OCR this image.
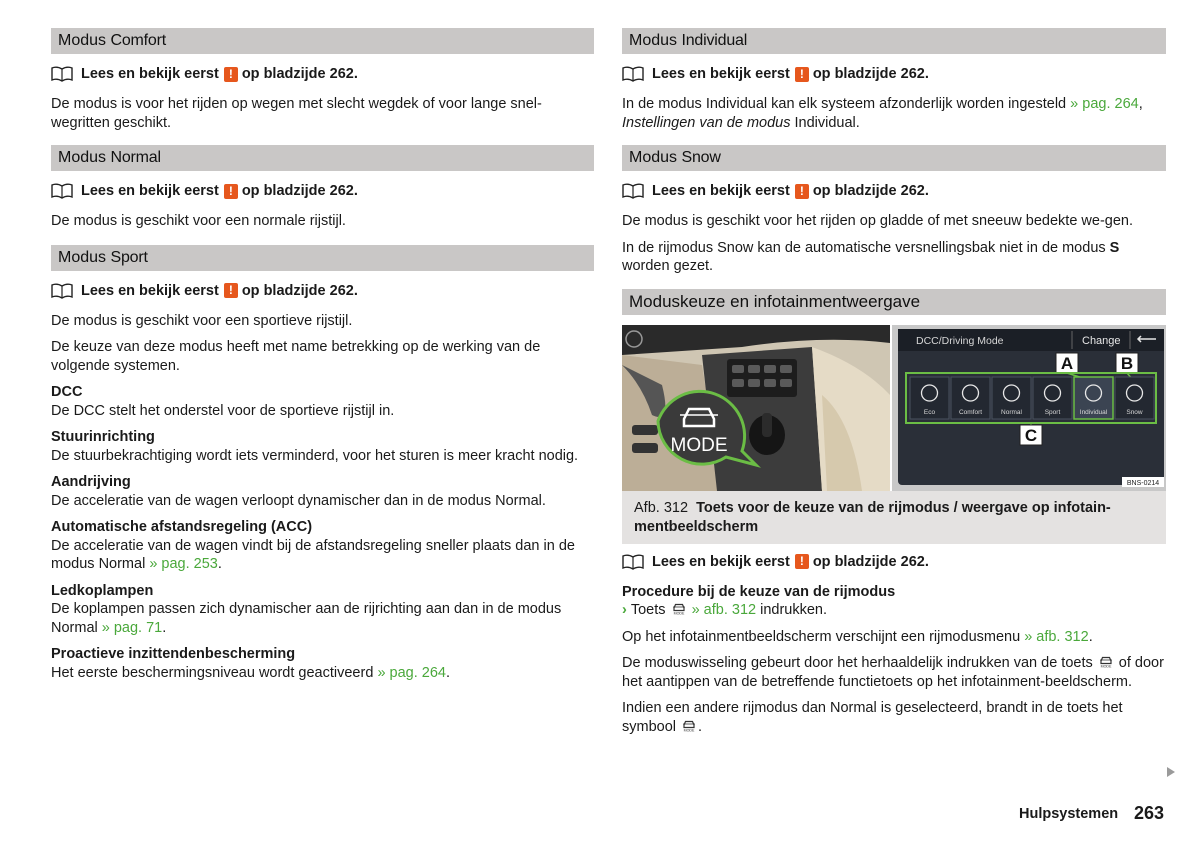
Modus Comfort
Lees en bekijk eerst ! op bladzijde 262.

De modus is voor het rijden op wegen met slecht wegdek of voor lange snel-wegritten geschikt.

Modus Normal
Lees en bekijk eerst ! op bladzijde 262.

De modus is geschikt voor een normale rijstijl.

Modus Sport
Lees en bekijk eerst ! op bladzijde 262.

De modus is geschikt voor een sportieve rijstijl.

De keuze van deze modus heeft met name betrekking op de werking van de volgende systemen.

DCC

De DCC stelt het onderstel voor de sportieve rijstijl in.

Stuurinrichting

De stuurbekrachtiging wordt iets verminderd, voor het sturen is meer kracht nodig.

Aandrijving

De acceleratie van de wagen verloopt dynamischer dan in de modus Normal.

Automatische afstandsregeling (ACC)

De acceleratie van de wagen vindt bij de afstandsregeling sneller plaats dan in de modus Normal » pag. 253.

Ledkoplampen

De koplampen passen zich dynamischer aan de rijrichting aan dan in de modus Normal » pag. 71.

Proactieve inzittendenbescherming

Het eerste beschermingsniveau wordt geactiveerd » pag. 264.

Modus Individual
Lees en bekijk eerst ! op bladzijde 262.

In de modus Individual kan elk systeem afzonderlijk worden ingesteld » pag. 264, Instellingen van de modus Individual.

Modus Snow
Lees en bekijk eerst ! op bladzijde 262.

De modus is geschikt voor het rijden op gladde of met sneeuw bedekte we-gen.

In de rijmodus Snow kan de automatische versnellingsbak niet in de modus S worden gezet.

Moduskeuze en infotainmentweergave
MODE
DCC/Driving Mode	Change
A	B
Eco	Comfort	Normal	Sport	Individual	Snow
C
BNS-0214
Afb. 312 Toets voor de keuze van de rijmodus / weergave op infotain-mentbeeldscherm
Lees en bekijk eerst ! op bladzijde 262.

Procedure bij de keuze van de rijmodus

› Toets » afb. 312 indrukken.

Op het infotainmentbeeldscherm verschijnt een rijmodusmenu » afb. 312.

De moduswisseling gebeurt door het herhaaldelijk indrukken van de toets of door het aantippen van de betreffende functietoets op het infotainment-beeldscherm.

Indien een andere rijmodus dan Normal is geselecteerd, brandt in de toets het symbool .

Hulpsystemen 263
